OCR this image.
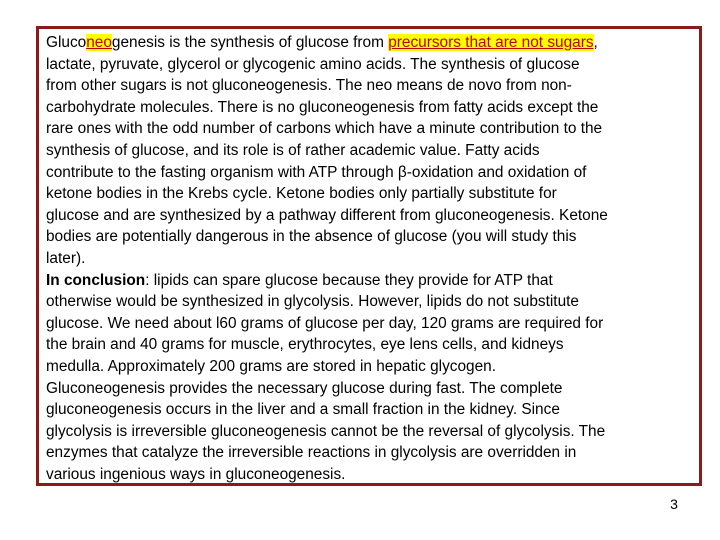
Gluconeogenesis is the synthesis of glucose from precursors that are not sugars,
lactate, pyruvate, glycerol or glycogenic amino acids. The synthesis of glucose
from other sugars is not gluconeogenesis. The neo means de novo from non-
carbohydrate molecules. There is no gluconeogenesis from fatty acids except the
rare ones with the odd number of carbons which have a minute contribution to the
synthesis of glucose, and its role is of rather academic value. Fatty acids
contribute to the fasting organism with ATP through β-oxidation and oxidation of
ketone bodies in the Krebs cycle. Ketone bodies only partially substitute for
glucose and are synthesized by a pathway different from gluconeogenesis. Ketone
bodies are potentially dangerous in the absence of glucose (you will study this
later).
In conclusion: lipids can spare glucose because they provide for ATP that
otherwise would be synthesized in glycolysis. However, lipids do not substitute
glucose. We need about l60 grams of glucose per day, 120 grams are required for
the brain and 40 grams for muscle, erythrocytes, eye lens cells, and kidneys
medulla. Approximately 200 grams are stored in hepatic glycogen.
Gluconeogenesis provides the necessary glucose during fast. The complete
gluconeogenesis occurs in the liver and a small fraction in the kidney. Since
glycolysis is irreversible gluconeogenesis cannot be the reversal of glycolysis. The
enzymes that catalyze the irreversible reactions in glycolysis are overridden in
various ingenious ways in gluconeogenesis.
3
